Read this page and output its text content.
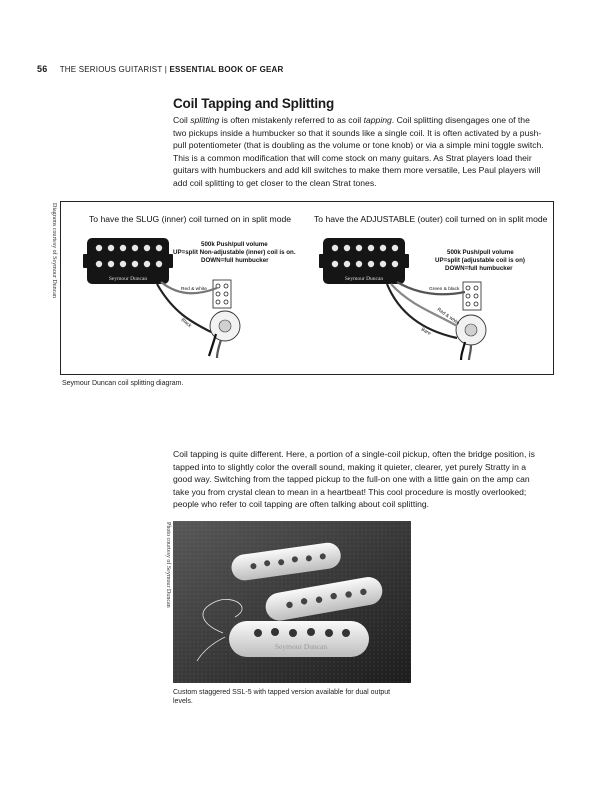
56 THE SERIOUS GUITARIST | ESSENTIAL BOOK OF GEAR
Coil Tapping and Splitting

Coil splitting is often mistakenly referred to as coil tapping. Coil splitting disengages one of the two pickups inside a humbucker so that it sounds like a single coil. It is often activated by a push-pull potentiometer (that is doubling as the volume or tone knob) or via a simple mini toggle switch. This is a common modification that will come stock on many guitars. As Strat players load their guitars with humbuckers and add kill switches to make them more versatile, Les Paul players will add coil splitting to get closer to the clean Strat tones.

Diagrams courtesy of Seymour Duncan	To have the SLUG (inner) coil turned on in split mode
Seymour Duncan
500k Push/pull volume
UP=split Non-adjustable (inner) coil is on.
DOWN=full humbucker
Red & white
Black
To have the ADJUSTABLE (outer) coil turned on in split mode
Seymour Duncan
500k Push/pull volume
UP=split (adjustable coil is on)
DOWN=full humbucker
Green & black
Red & white
Bare
Seymour Duncan coil splitting diagram.

Coil tapping is quite different. Here, a portion of a single-coil pickup, often the bridge position, is tapped into to slightly color the overall sound, making it quieter, clearer, yet purely Stratty in a good way. Switching from the tapped pickup to the full-on one with a little gain on the amp can take you from crystal clean to mean in a heartbeat! This cool procedure is mostly overlooked; people who refer to coil tapping are often talking about coil splitting.

Photo courtesy of Seymour Duncan
Seymour Duncan
Custom staggered SSL-5 with tapped version available for dual output levels.
